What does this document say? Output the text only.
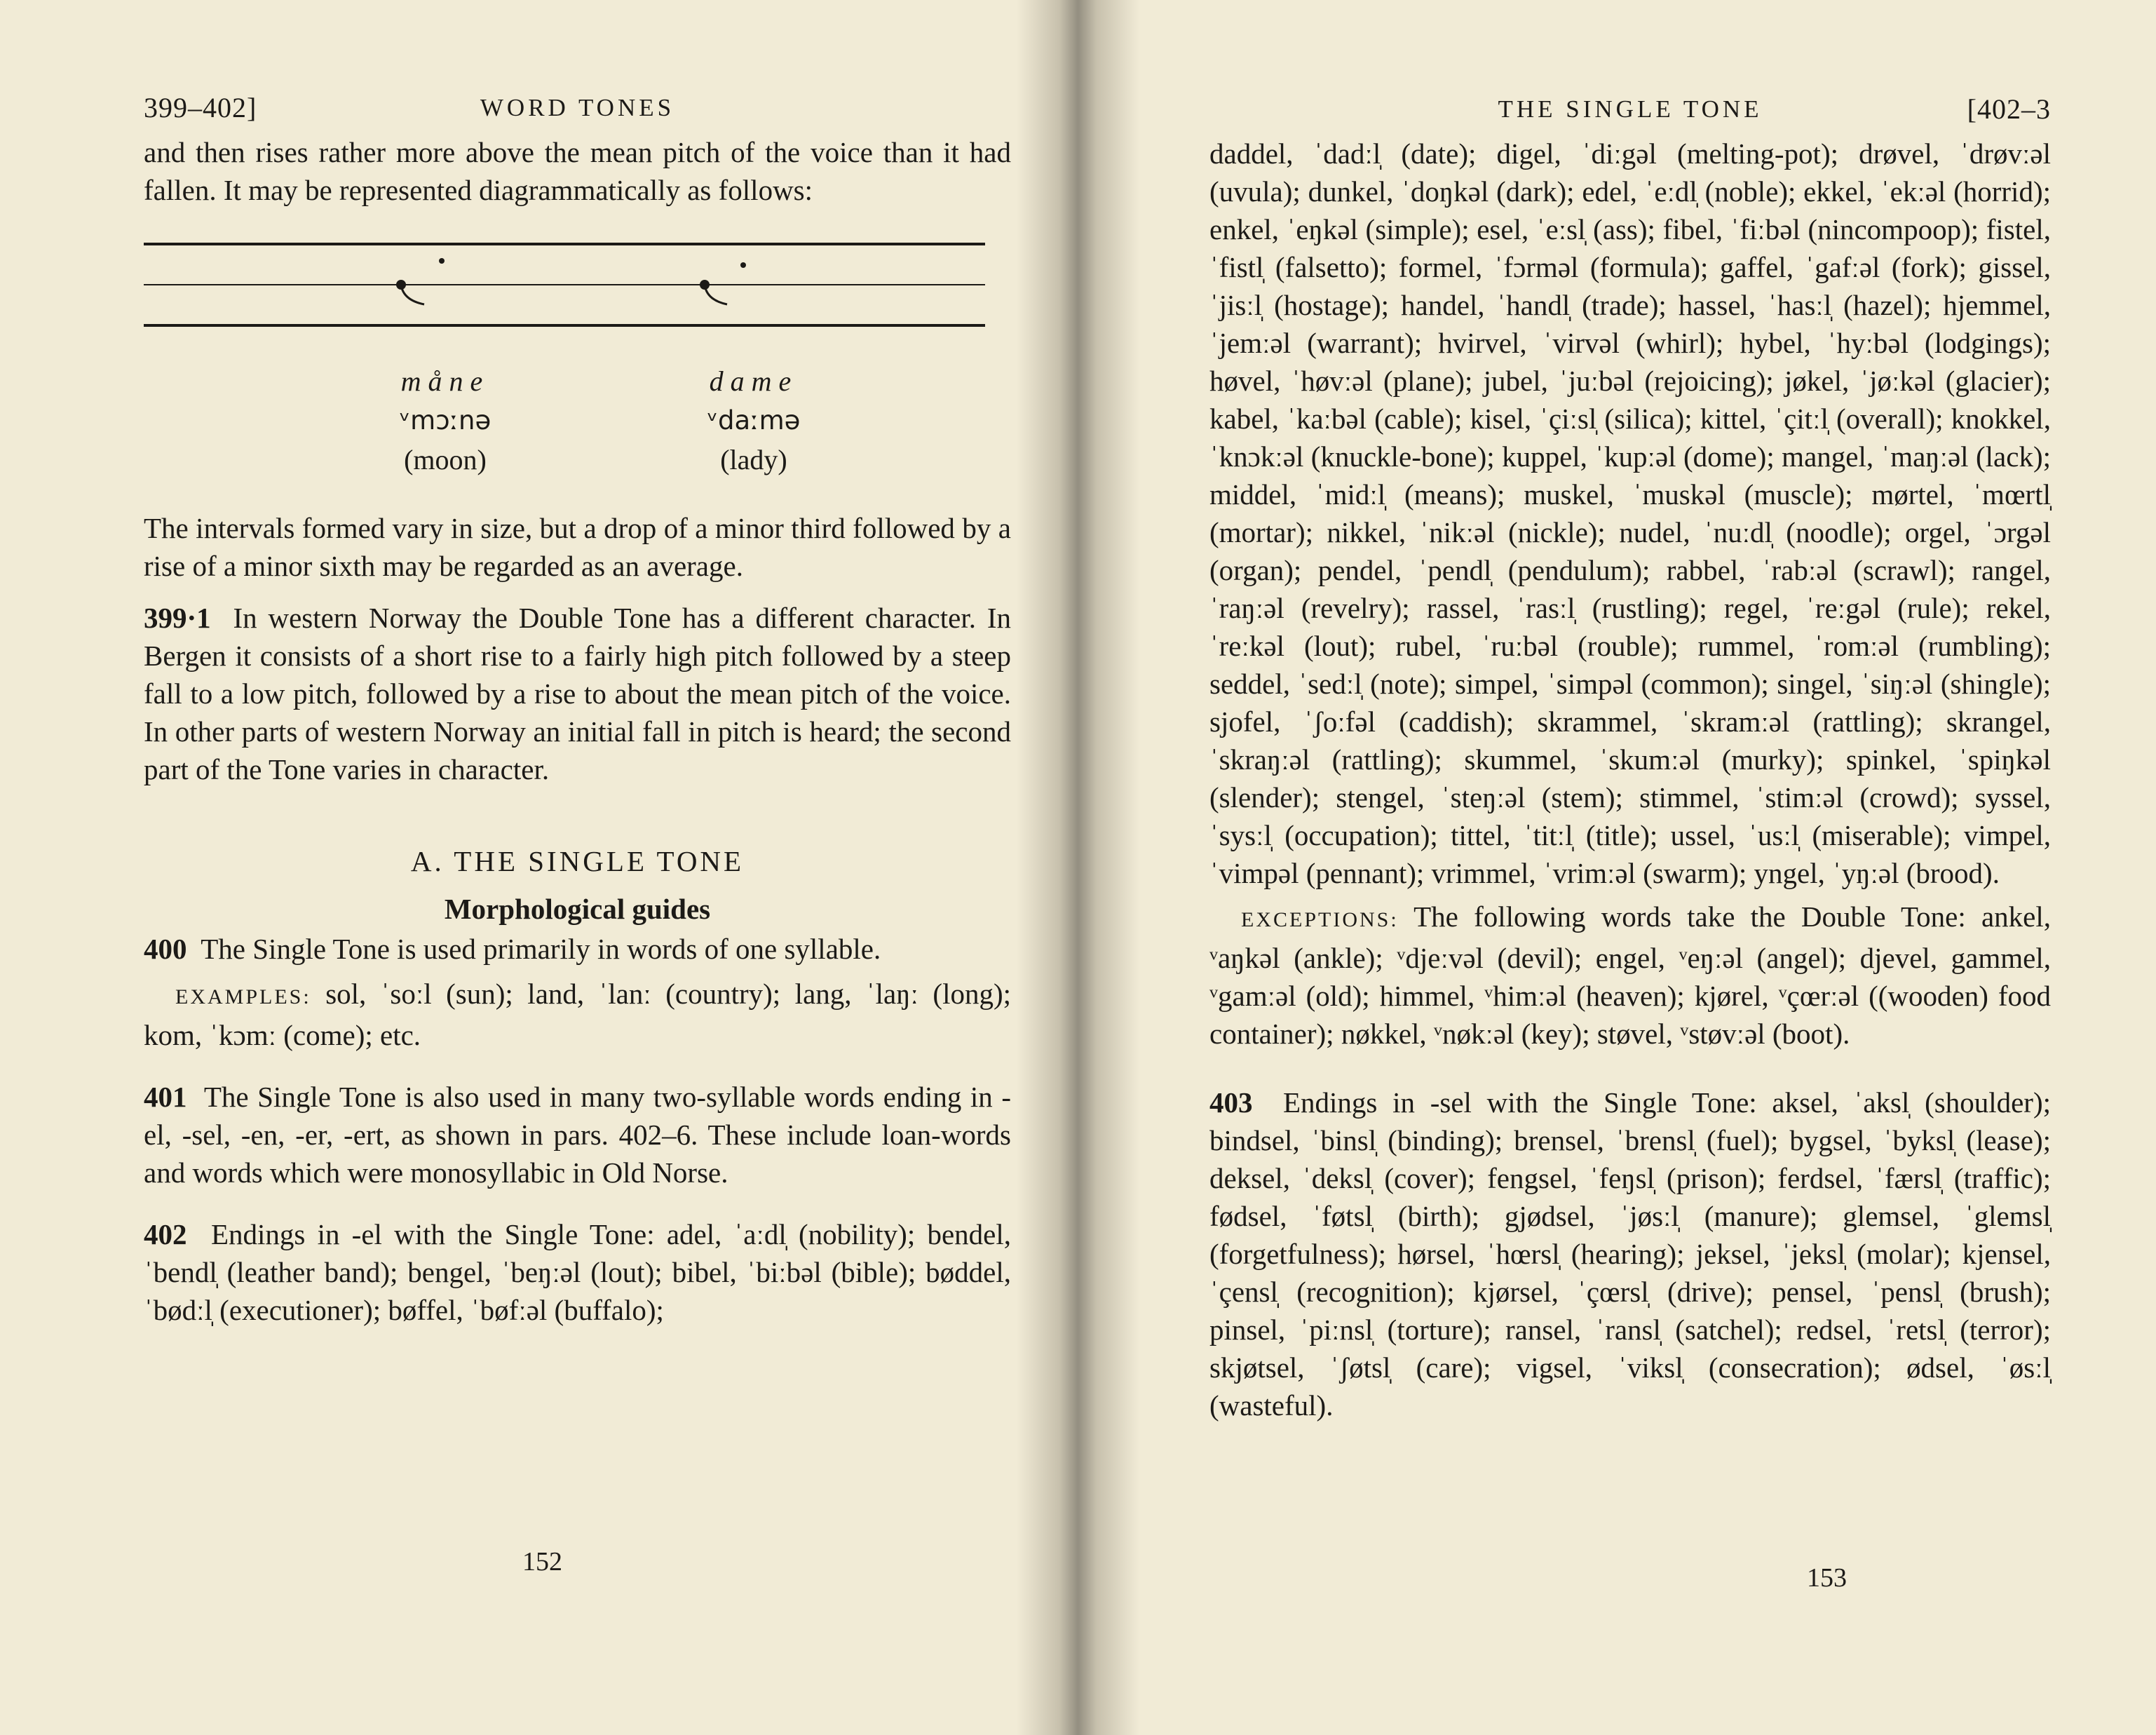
399–402]	WORD TONES

and then rises rather more above the mean pitch of the voice than it had fallen. It may be represented diagrammatically as follows:

måne
ᵛmɔːnə
(moon)
dame
ᵛdaːmə
(lady)

The intervals formed vary in size, but a drop of a minor third followed by a rise of a minor sixth may be regarded as an average.

399·1 In western Norway the Double Tone has a different character. In Bergen it consists of a short rise to a fairly high pitch followed by a steep fall to a low pitch, followed by a rise to about the mean pitch of the voice. In other parts of western Norway an initial fall in pitch is heard; the second part of the Tone varies in character.

A. THE SINGLE TONE
Morphological guides

400 The Single Tone is used primarily in words of one syllable.

EXAMPLES: sol, ˈsoːl (sun); land, ˈlanː (country); lang, ˈlaŋː (long); kom, ˈkɔmː (come); etc.

401 The Single Tone is also used in many two-syllable words ending in -el, -sel, -en, -er, -ert, as shown in pars. 402–6. These include loan-words and words which were monosyllabic in Old Norse.

402 Endings in -el with the Single Tone: adel, ˈaːdl̩ (nobility); bendel, ˈbendl̩ (leather band); bengel, ˈbeŋːəl (lout); bibel, ˈbiːbəl (bible); bøddel, ˈbødːl̩ (executioner); bøffel, ˈbøfːəl (buffalo);

152
THE SINGLE TONE	[402–3

daddel, ˈdadːl̩ (date); digel, ˈdiːgəl (melting-pot); drøvel, ˈdrøvːəl (uvula); dunkel, ˈdoŋkəl (dark); edel, ˈeːdl̩ (noble); ekkel, ˈekːəl (horrid); enkel, ˈeŋkəl (simple); esel, ˈeːsl̩ (ass); fibel, ˈfiːbəl (nincompoop); fistel, ˈfistl̩ (falsetto); formel, ˈfɔrməl (formula); gaffel, ˈgafːəl (fork); gissel, ˈjisːl̩ (hostage); handel, ˈhandl̩ (trade); hassel, ˈhasːl̩ (hazel); hjemmel, ˈjemːəl (warrant); hvirvel, ˈvirvəl (whirl); hybel, ˈhyːbəl (lodgings); høvel, ˈhøvːəl (plane); jubel, ˈjuːbəl (rejoicing); jøkel, ˈjøːkəl (glacier); kabel, ˈkaːbəl (cable); kisel, ˈçiːsl̩ (silica); kittel, ˈçitːl̩ (overall); knokkel, ˈknɔkːəl (knuckle-bone); kuppel, ˈkupːəl (dome); mangel, ˈmaŋːəl (lack); middel, ˈmidːl̩ (means); muskel, ˈmuskəl (muscle); mørtel, ˈmœrtl̩ (mortar); nikkel, ˈnikːəl (nickle); nudel, ˈnuːdl̩ (noodle); orgel, ˈɔrgəl (organ); pendel, ˈpendl̩ (pendulum); rabbel, ˈrabːəl (scrawl); rangel, ˈraŋːəl (revelry); rassel, ˈrasːl̩ (rustling); regel, ˈreːgəl (rule); rekel, ˈreːkəl (lout); rubel, ˈruːbəl (rouble); rummel, ˈromːəl (rumbling); seddel, ˈsedːl̩ (note); simpel, ˈsimpəl (common); singel, ˈsiŋːəl (shingle); sjofel, ˈʃoːfəl (caddish); skrammel, ˈskramːəl (rattling); skrangel, ˈskraŋːəl (rattling); skummel, ˈskumːəl (murky); spinkel, ˈspiŋkəl (slender); stengel, ˈsteŋːəl (stem); stimmel, ˈstimːəl (crowd); syssel, ˈsysːl̩ (occupation); tittel, ˈtitːl̩ (title); ussel, ˈusːl̩ (miserable); vimpel, ˈvimpəl (pennant); vrimmel, ˈvrimːəl (swarm); yngel, ˈyŋːəl (brood).

EXCEPTIONS: The following words take the Double Tone: ankel, ᵛaŋkəl (ankle); ᵛdjeːvəl (devil); engel, ᵛeŋːəl (angel); djevel, gammel, ᵛgamːəl (old); himmel, ᵛhimːəl (heaven); kjørel, ᵛçœrːəl ((wooden) food container); nøkkel, ᵛnøkːəl (key); støvel, ᵛstøvːəl (boot).

403 Endings in -sel with the Single Tone: aksel, ˈaksl̩ (shoulder); bindsel, ˈbinsl̩ (binding); brensel, ˈbrensl̩ (fuel); bygsel, ˈbyksl̩ (lease); deksel, ˈdeksl̩ (cover); fengsel, ˈfeŋsl̩ (prison); ferdsel, ˈfærsl̩ (traffic); fødsel, ˈføtsl̩ (birth); gjødsel, ˈjøsːl̩ (manure); glemsel, ˈglemsl̩ (forgetfulness); hørsel, ˈhœrsl̩ (hearing); jeksel, ˈjeksl̩ (molar); kjensel, ˈçensl̩ (recognition); kjørsel, ˈçœrsl̩ (drive); pensel, ˈpensl̩ (brush); pinsel, ˈpiːnsl̩ (torture); ransel, ˈransl̩ (satchel); redsel, ˈretsl̩ (terror); skjøtsel, ˈʃøtsl̩ (care); vigsel, ˈviksl̩ (consecration); ødsel, ˈøsːl̩ (wasteful).

153
